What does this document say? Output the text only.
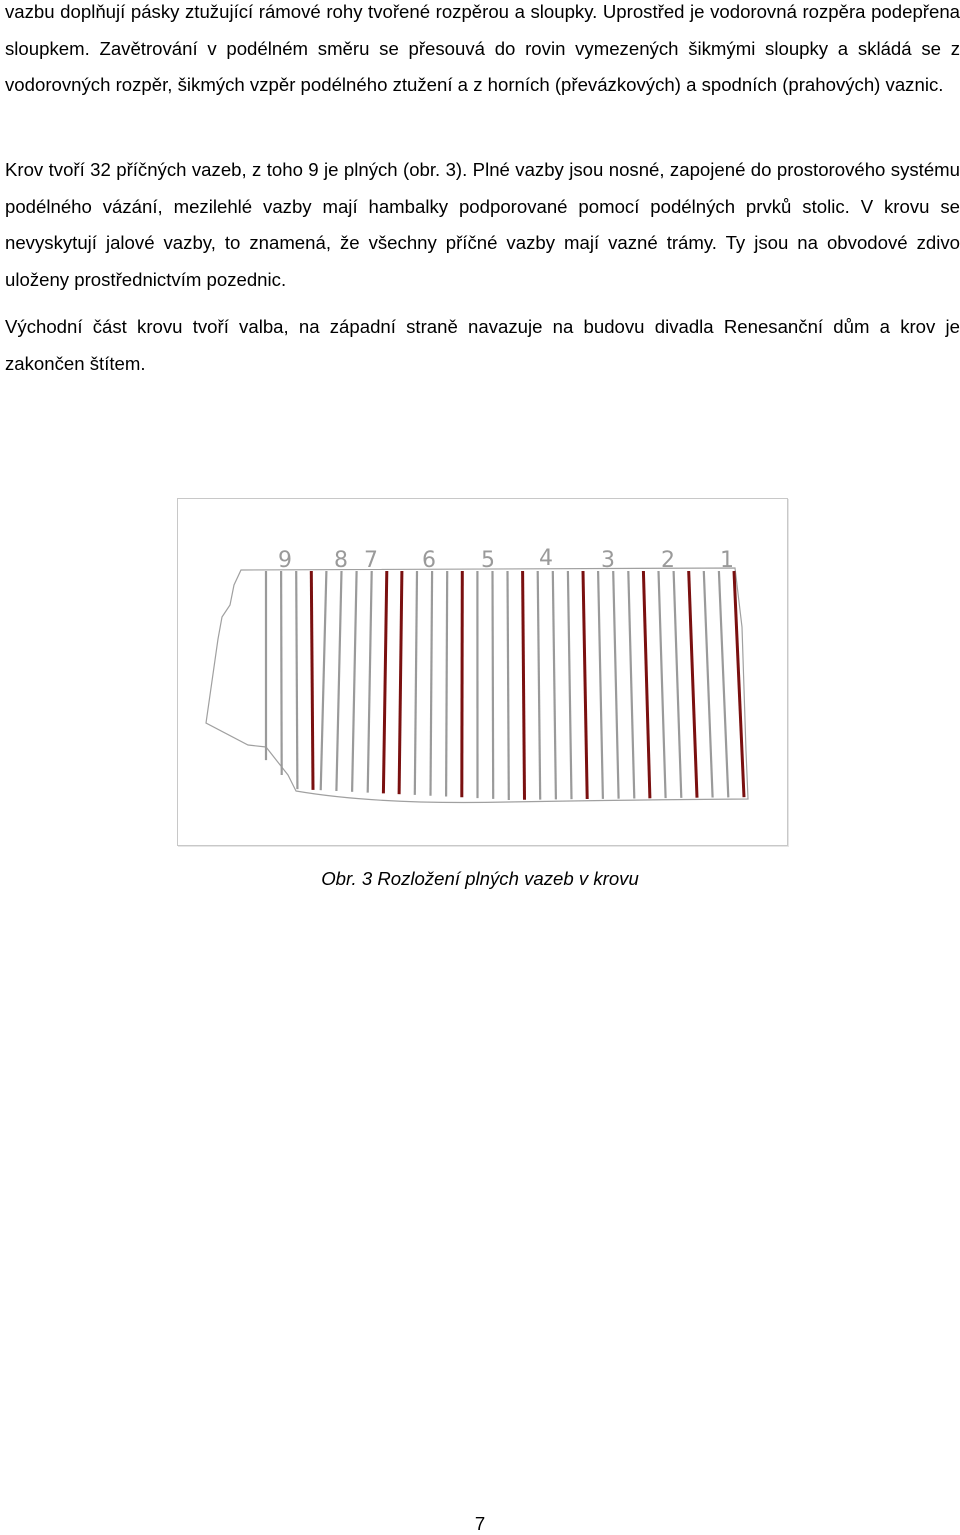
vazbu doplňují pásky ztužující rámové rohy tvořené rozpěrou a sloupky. Uprostřed je vodorovná rozpěra podepřena sloupkem. Zavětrování v podélném směru se přesouvá do rovin vymezených šikmými sloupky a skládá se z vodorovných rozpěr, šikmých vzpěr podélného ztužení a z horních (převázkových) a spodních (prahových) vaznic.

Krov tvoří 32 příčných vazeb, z toho 9 je plných (obr. 3). Plné vazby jsou nosné, zapojené do prostorového systému podélného vázání, mezilehlé vazby mají hambalky podporované pomocí podélných prvků stolic. V krovu se nevyskytují jalové vazby, to znamená, že všechny příčné vazby mají vazné trámy. Ty jsou na obvodové zdivo uloženy prostřednictvím pozednic.

Východní část krovu tvoří valba, na západní straně navazuje na budovu divadla Renesanční dům a krov je zakončen štítem.

9 8 7 6 5 4 3 2 1
Obr. 3 Rozložení plných vazeb v krovu
7
